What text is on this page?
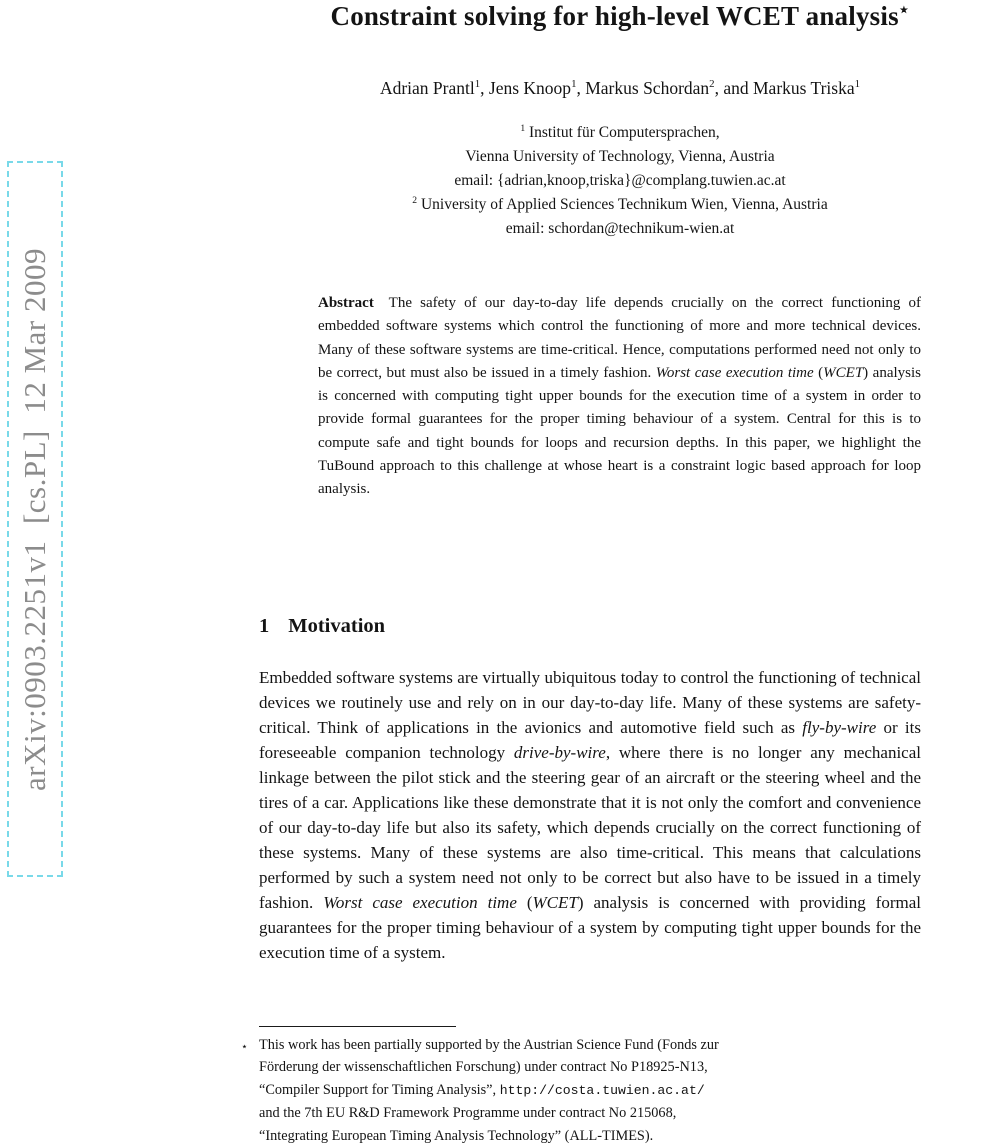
arXiv:0903.2251v1  [cs.PL]  12 Mar 2009
Constraint solving for high-level WCET analysis⋆
Adrian Prantl$^1$, Jens Knoop$^1$, Markus Schordan$^2$, and Markus Triska$^1$
$^1$ Institut für Computersprachen,
Vienna University of Technology, Vienna, Austria
email: {adrian,knoop,triska}@complang.tuwien.ac.at
$^2$ University of Applied Sciences Technikum Wien, Vienna, Austria
email: schordan@technikum-wien.at
Abstract The safety of our day-to-day life depends crucially on the correct functioning of embedded software systems which control the functioning of more and more technical devices. Many of these software systems are time-critical. Hence, computations performed need not only to be correct, but must also be issued in a timely fashion. Worst case execution time (WCET) analysis is concerned with computing tight upper bounds for the execution time of a system in order to provide formal guarantees for the proper timing behaviour of a system. Central for this is to compute safe and tight bounds for loops and recursion depths. In this paper, we highlight the TuBound approach to this challenge at whose heart is a constraint logic based approach for loop analysis.
1 Motivation
Embedded software systems are virtually ubiquitous today to control the functioning of technical devices we routinely use and rely on in our day-to-day life. Many of these systems are safety-critical. Think of applications in the avionics and automotive field such as fly-by-wire or its foreseeable companion technology drive-by-wire, where there is no longer any mechanical linkage between the pilot stick and the steering gear of an aircraft or the steering wheel and the tires of a car. Applications like these demonstrate that it is not only the comfort and convenience of our day-to-day life but also its safety, which depends crucially on the correct functioning of these systems. Many of these systems are also time-critical. This means that calculations performed by such a system need not only to be correct but also have to be issued in a timely fashion. Worst case execution time (WCET) analysis is concerned with providing formal guarantees for the proper timing behaviour of a system by computing tight upper bounds for the execution time of a system.
⋆ This work has been partially supported by the Austrian Science Fund (Fonds zur
Förderung der wissenschaftlichen Forschung) under contract No P18925-N13,
“Compiler Support for Timing Analysis”, http://costa.tuwien.ac.at/
and the 7th EU R&D Framework Programme under contract No 215068,
“Integrating European Timing Analysis Technology” (ALL-TIMES).
